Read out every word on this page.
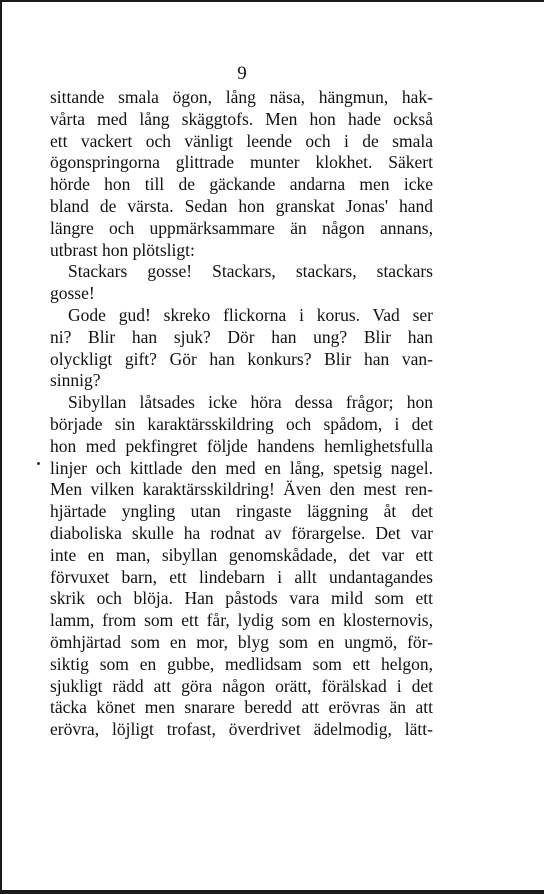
9
sittande smala ögon, lång näsa, hängmun, hak-
vårta med lång skäggtofs. Men hon hade också
ett vackert och vänligt leende och i de smala
ögonspringorna glittrade munter klokhet. Säkert
hörde hon till de gäckande andarna men icke
bland de värsta. Sedan hon granskat Jonas' hand
längre och uppmärksammare än någon annans,
utbrast hon plötsligt:
Stackars gosse! Stackars, stackars, stackars
gosse!
Gode gud! skreko flickorna i korus. Vad ser
ni? Blir han sjuk? Dör han ung? Blir han
olyckligt gift? Gör han konkurs? Blir han van-
sinnig?
Sibyllan låtsades icke höra dessa frågor; hon
började sin karaktärsskildring och spådom, i det
hon med pekfingret följde handens hemlighetsfulla
linjer och kittlade den med en lång, spetsig nagel.
Men vilken karaktärsskildring! Även den mest ren-
hjärtade yngling utan ringaste läggning åt det
diaboliska skulle ha rodnat av förargelse. Det var
inte en man, sibyllan genomskådade, det var ett
förvuxet barn, ett lindebarn i allt undantagandes
skrik och blöja. Han påstods vara mild som ett
lamm, from som ett får, lydig som en klosternovis,
ömhjärtad som en mor, blyg som en ungmö, för-
siktig som en gubbe, medlidsam som ett helgon,
sjukligt rädd att göra någon orätt, förälskad i det
täcka könet men snarare beredd att erövras än att
erövra, löjligt trofast, överdrivet ädelmodig, lätt-
